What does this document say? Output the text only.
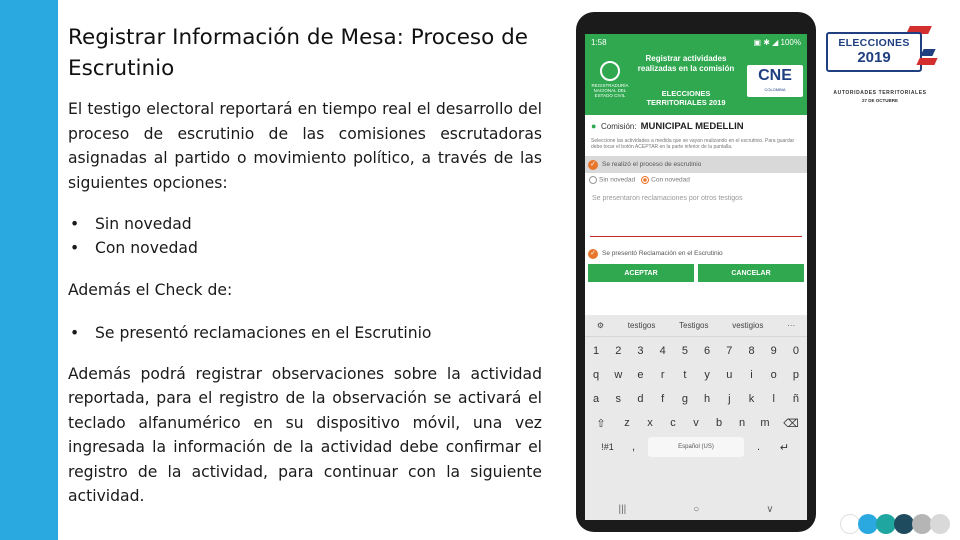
Registrar Información de Mesa: Proceso de Escrutinio

El testigo electoral reportará en tiempo real el desarrollo del proceso de escrutinio de las comisiones escrutadoras asignadas al partido o movimiento político, a través de las siguientes opciones:

• Sin novedad
• Con novedad

Además el Check de:

• Se presentó reclamaciones en el Escrutinio

Además podrá registrar observaciones sobre la actividad reportada, para el registro de la observación se activará el teclado alfanumérico en su dispositivo móvil, una vez ingresada la información de la actividad debe confirmar el registro de la actividad, para continuar con la siguiente actividad.

1:58	▣ ✱ ◢ 100%
REGISTRADURÍA NACIONAL DEL ESTADO CIVIL
Registrar actividades realizadas en la comisión
ELECCIONES TERRITORIALES 2019
CNE
COLOMBIA
● Comisión: MUNICIPAL MEDELLIN
Seleccione las actividades a medida que se vayan realizando en el escrutinio. Para guardar debe tocar el botón ACEPTAR en la parte inferior de la pantalla.
✓ Se realizó el proceso de escrutinio
Sin novedad	Con novedad
Se presentaron reclamaciones por otros testigos
✓ Se presentó Reclamación en el Escrutinio
ACEPTAR	CANCELAR
⚙	testigos	Testigos	vestigios	···
1	2	3	4	5	6	7	8	9	0
q	w	e	r	t	y	u	i	o	p
a	s	d	f	g	h	j	k	l	ñ
⇧	z	x	c	v	b	n	m	⌫
!#1	,	Español (US)	.	↵
|||	○	∨
ELECCIONES
2019
AUTORIDADES TERRITORIALES
27 DE OCTUBRE
